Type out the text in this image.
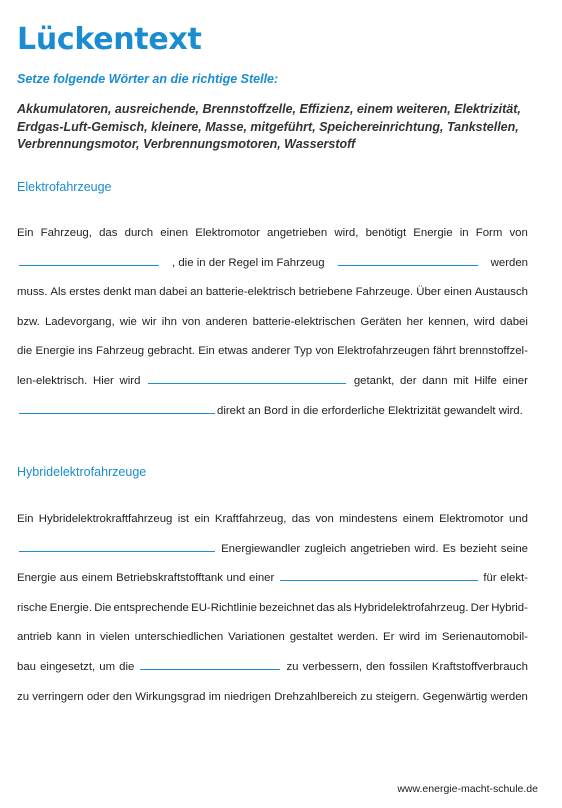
Lückentext
Setze folgende Wörter an die richtige Stelle:
Akkumulatoren, ausreichende, Brennstoffzelle, Effizienz, einem weiteren, Elektrizität, Erdgas-Luft-Gemisch, kleinere, Masse, mitgeführt, Speichereinrichtung, Tankstellen, Verbrennungsmotor, Verbrennungsmotoren, Wasserstoff
Elektrofahrzeuge
Ein Fahrzeug, das durch einen Elektromotor angetrieben wird, benötigt Energie in Form von
, die in der Regel im Fahrzeug	werden
muss. Als erstes denkt man dabei an batterie-elektrisch betriebene Fahrzeuge. Über einen Austausch
bzw. Ladevorgang, wie wir ihn von anderen batterie-elektrischen Geräten her kennen, wird dabei
die Energie ins Fahrzeug gebracht. Ein etwas anderer Typ von Elektrofahrzeugen fährt brennstoffzel-
len-elektrisch. Hier wird	getankt, der dann mit Hilfe einer
direkt an Bord in die erforderliche Elektrizität gewandelt wird.
Hybridelektrofahrzeuge
Ein Hybridelektrokraftfahrzeug ist ein Kraftfahrzeug, das von mindestens einem Elektromotor und
Energiewandler zugleich angetrieben wird. Es bezieht seine
Energie aus einem Betriebskraftstofftank und einer	für elekt-
rische Energie. Die entsprechende EU-Richtlinie bezeichnet das als Hybridelektrofahrzeug. Der Hybrid-
antrieb kann in vielen unterschiedlichen Variationen gestaltet werden. Er wird im Serienautomobil-
bau eingesetzt, um die	zu verbessern, den fossilen Kraftstoffverbrauch
zu verringern oder den Wirkungsgrad im niedrigen Drehzahlbereich zu steigern. Gegenwärtig werden
www.energie-macht-schule.de
